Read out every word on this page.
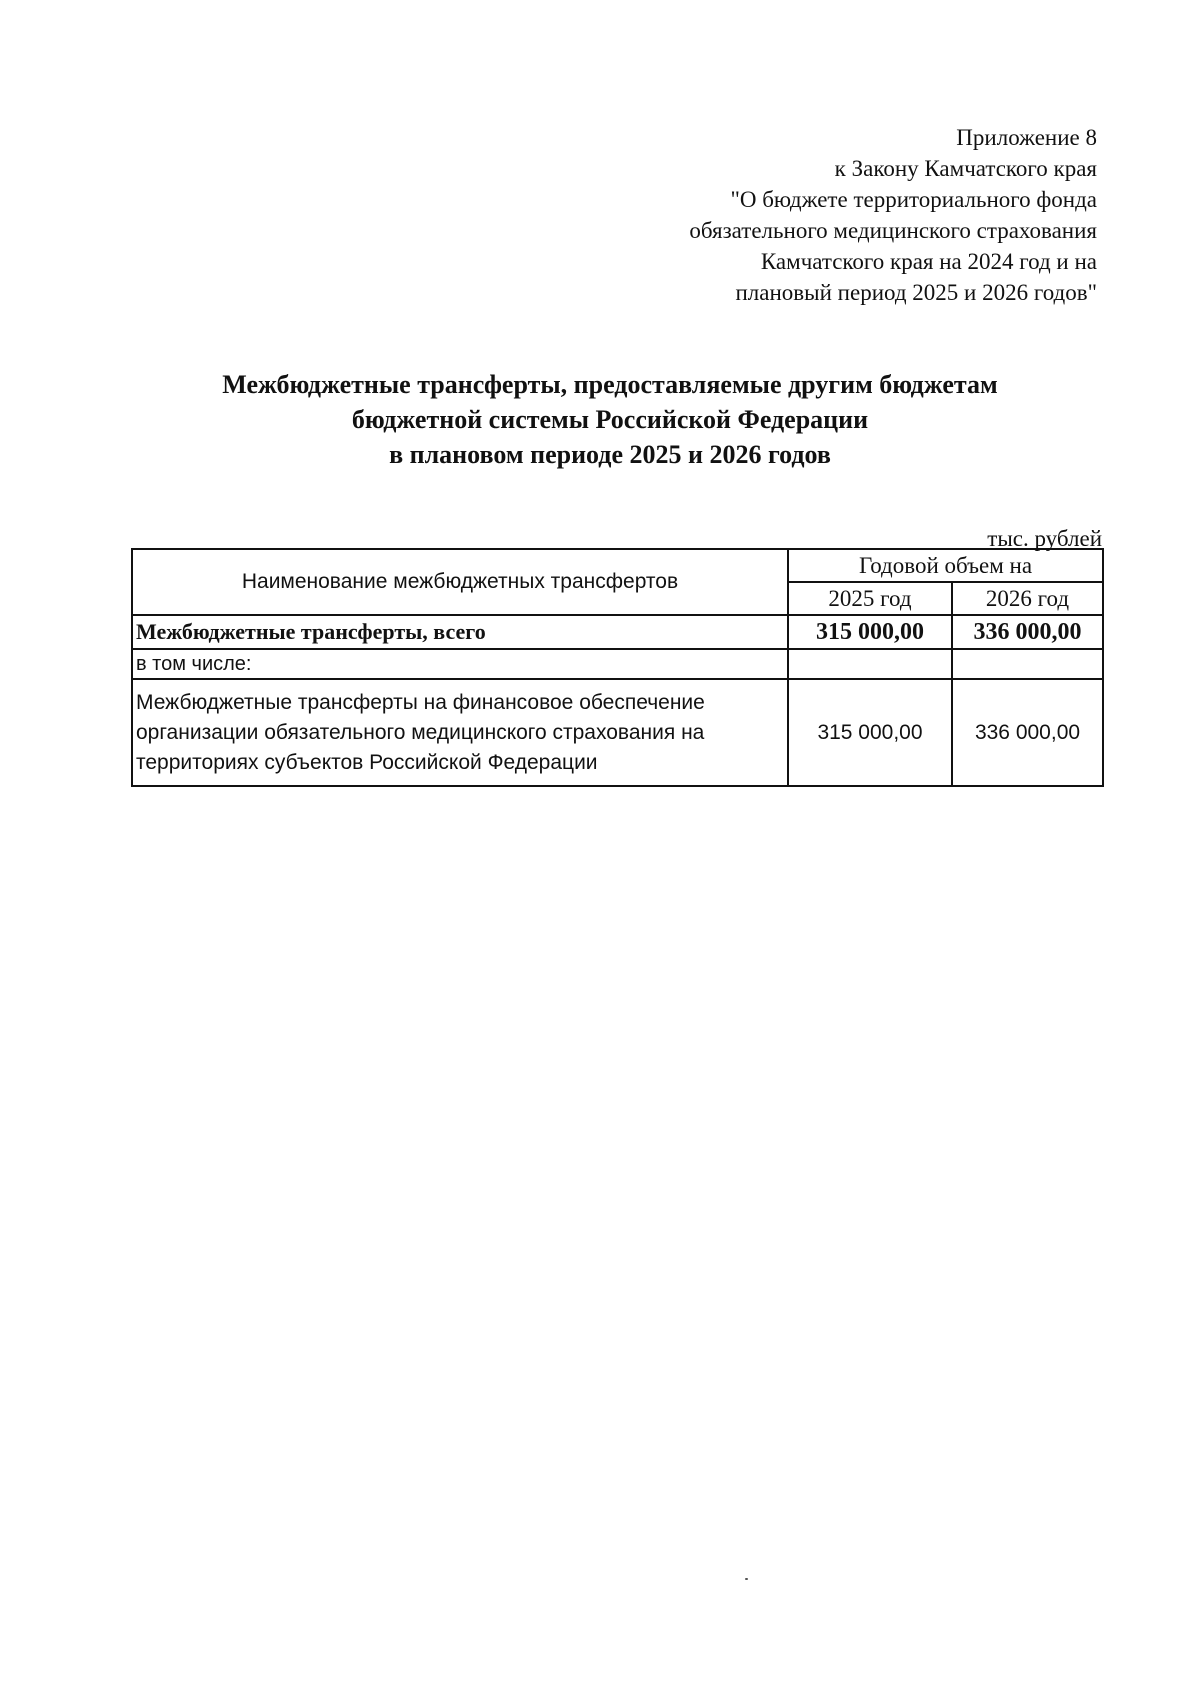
Приложение 8
к Закону Камчатского края
"О бюджете территориального фонда
обязательного медицинского страхования
Камчатского края на 2024 год и на
плановый период 2025 и 2026 годов"
Межбюджетные трансферты, предоставляемые другим бюджетам
бюджетной системы Российской Федерации
в плановом периоде 2025 и 2026 годов
тыс. рублей
Наименование межбюджетных трансфертов	Годовой объем на	
	2025 год	2026 год
Межбюджетные трансферты, всего	315 000,00	336 000,00
в том числе:		

Межбюджетные трансферты на финансовое обеспечение
организации обязательного медицинского страхования на
территориях субъектов Российской Федерации	315 000,00	336 000,00
